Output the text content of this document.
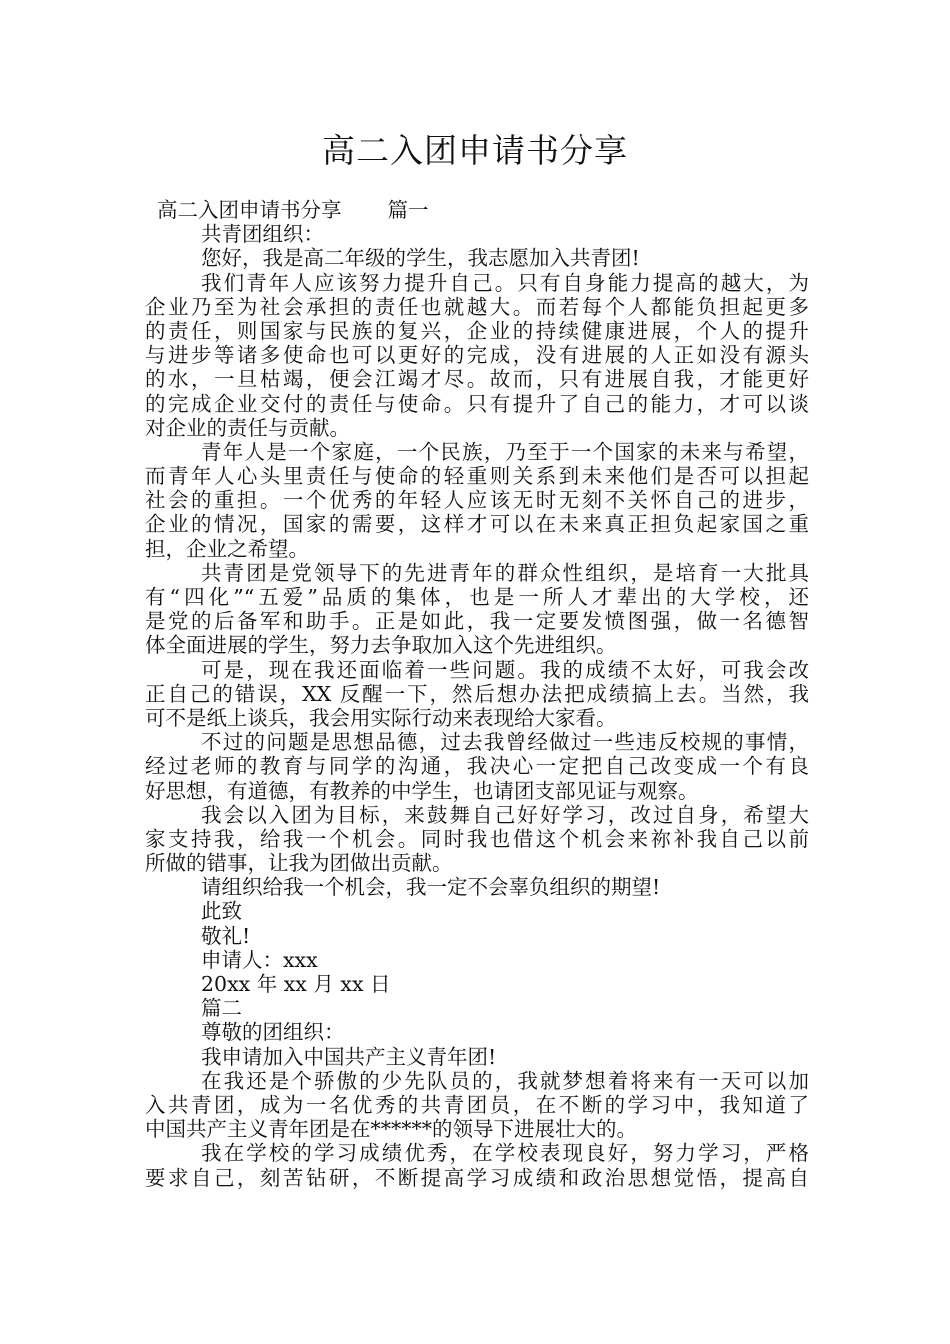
高二入团申请书分享
高二入团申请书分享 篇一
共青团组织：
您好，我是高二年级的学生，我志愿加入共青团!
我们青年人应该努力提升自己。只有自身能力提高的越大，为
企业乃至为社会承担的责任也就越大。而若每个人都能负担起更多
的责任，则国家与民族的复兴，企业的持续健康进展，个人的提升
与进步等诸多使命也可以更好的完成，没有进展的人正如没有源头
的水，一旦枯竭，便会江竭才尽。故而，只有进展自我，才能更好
的完成企业交付的责任与使命。只有提升了自己的能力，才可以谈
对企业的责任与贡献。
青年人是一个家庭，一个民族，乃至于一个国家的未来与希望，
而青年人心头里责任与使命的轻重则关系到未来他们是否可以担起
社会的重担。一个优秀的年轻人应该无时无刻不关怀自己的进步，
企业的情况，国家的需要，这样才可以在未来真正担负起家国之重
担，企业之希望。
共青团是党领导下的先进青年的群众性组织，是培育一大批具
有“四化”“五爱”品质的集体，也是一所人才辈出的大学校，还
是党的后备军和助手。正是如此，我一定要发愤图强，做一名德智
体全面进展的学生，努力去争取加入这个先进组织。
可是，现在我还面临着一些问题。我的成绩不太好，可我会改
正自己的错误，XX 反醒一下，然后想办法把成绩搞上去。当然，我
可不是纸上谈兵，我会用实际行动来表现给大家看。
不过的问题是思想品德，过去我曾经做过一些违反校规的事情，
经过老师的教育与同学的沟通，我决心一定把自己改变成一个有良
好思想，有道德，有教养的中学生，也请团支部见证与观察。
我会以入团为目标，来鼓舞自己好好学习，改过自身，希望大
家支持我，给我一个机会。同时我也借这个机会来祢补我自己以前
所做的错事，让我为团做出贡献。
请组织给我一个机会，我一定不会辜负组织的期望!
此致
敬礼!
申请人：xxx
20xx 年 xx 月 xx 日
篇二
尊敬的团组织：
我申请加入中国共产主义青年团!
在我还是个骄傲的少先队员的，我就梦想着将来有一天可以加
入共青团，成为一名优秀的共青团员，在不断的学习中，我知道了
中国共产主义青年团是在******的领导下进展壮大的。
我在学校的学习成绩优秀，在学校表现良好，努力学习，严格
要求自己，刻苦钻研，不断提高学习成绩和政治思想觉悟，提高自
